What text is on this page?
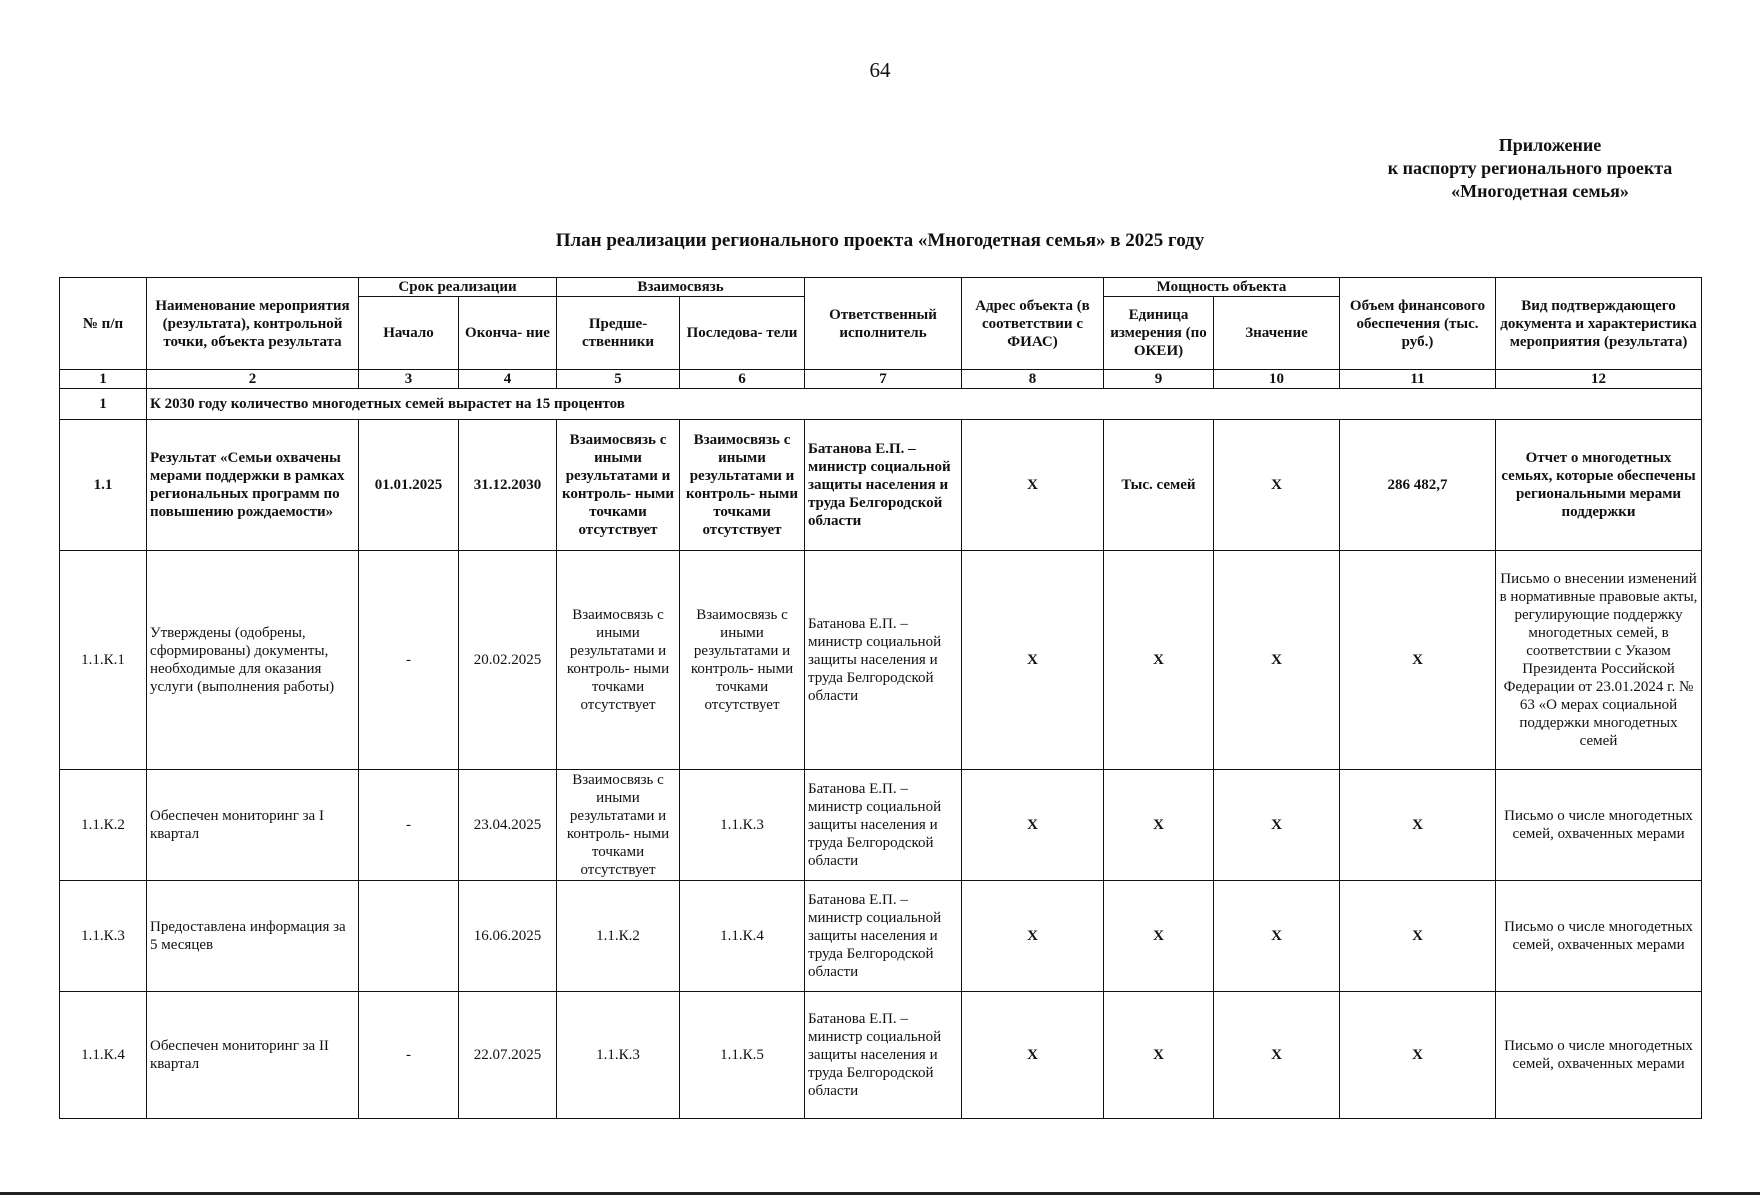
64
Приложение
к паспорту регионального проекта
«Многодетная семья»
План реализации регионального проекта «Многодетная семья» в 2025 году
№ п/п	Наименование мероприятия (результата), контрольной точки, объекта результата	Срок реализации		Взаимосвязь		Ответственный исполнитель	Адрес объекта (в соответствии с ФИАС)	Мощность объекта		Объем финансового обеспечения (тыс. руб.)	Вид подтверждающего документа и характеристика мероприятия (результата)
		Начало	Оконча- ние	Предше- ственники	Последова- тели			Единица измерения (по ОКЕИ)	Значение		
1	2	3	4	5	6	7	8	9	10	11	12
1	К 2030 году количество многодетных семей вырастет на 15 процентов										
1.1	Результат «Семьи охвачены мерами поддержки в рамках региональных программ по повышению рождаемости»	01.01.2025	31.12.2030	Взаимосвязь с иными результатами и контроль- ными точками отсутствует	Взаимосвязь с иными результатами и контроль- ными точками отсутствует	Батанова Е.П. – министр социальной защиты населения и труда Белгородской области	X	Тыс. семей	X	286 482,7	Отчет о многодетных семьях, которые обеспечены региональными мерами поддержки
1.1.К.1	Утверждены (одобрены, сформированы) документы, необходимые для оказания услуги (выполнения работы)	-	20.02.2025	Взаимосвязь с иными результатами и контроль- ными точками отсутствует	Взаимосвязь с иными результатами и контроль- ными точками отсутствует	Батанова Е.П. – министр социальной защиты населения и труда Белгородской области	X	X	X	X	Письмо о внесении изменений в нормативные правовые акты, регулирующие поддержку многодетных семей, в соответствии с Указом Президента Российской Федерации от 23.01.2024 г. № 63 «О мерах социальной поддержки многодетных семей
1.1.К.2	Обеспечен мониторинг за I квартал	-	23.04.2025	Взаимосвязь с иными результатами и контроль- ными точками отсутствует	1.1.К.3	Батанова Е.П. – министр социальной защиты населения и труда Белгородской области	X	X	X	X	Письмо о числе многодетных семей, охваченных мерами
1.1.К.3	Предоставлена информация за 5 месяцев		16.06.2025	1.1.К.2	1.1.К.4	Батанова Е.П. – министр социальной защиты населения и труда Белгородской области	X	X	X	X	Письмо о числе многодетных семей, охваченных мерами
1.1.К.4	Обеспечен мониторинг за II квартал	-	22.07.2025	1.1.К.3	1.1.К.5	Батанова Е.П. – министр социальной защиты населения и труда Белгородской области	X	X	X	X	Письмо о числе многодетных семей, охваченных мерами
